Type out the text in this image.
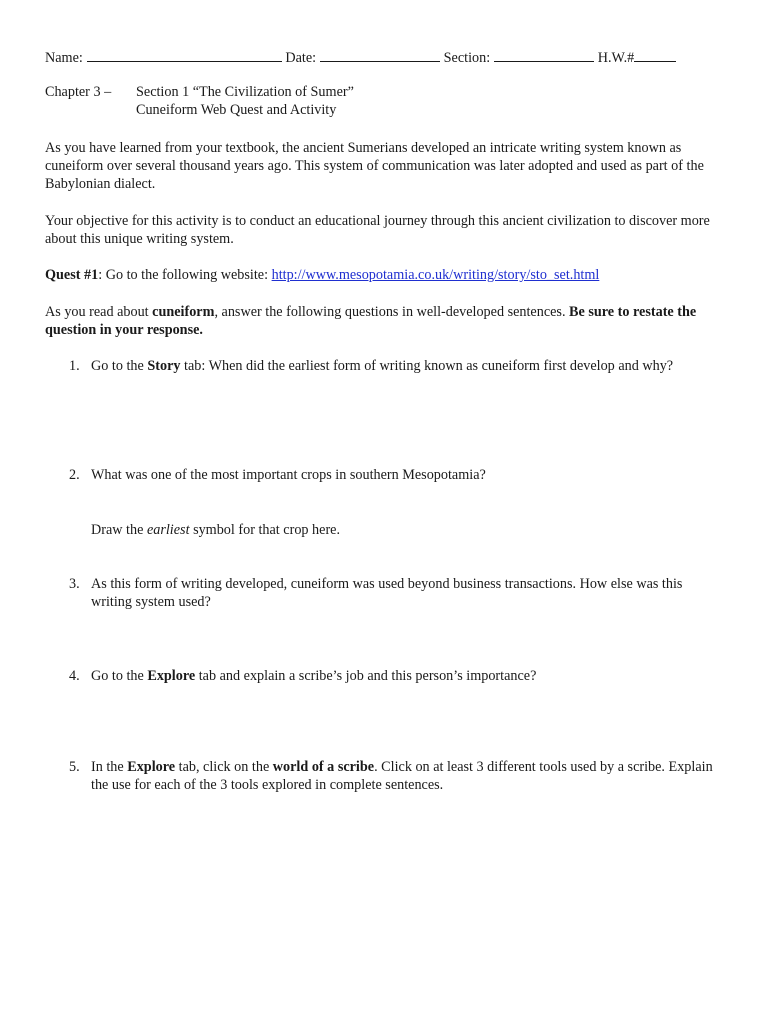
Name:	Date:	Section:	H.W.#
Chapter 3 – Section 1 “The Civilization of Sumer”
Cuneiform Web Quest and Activity
As you have learned from your textbook, the ancient Sumerians developed an intricate writing system known as cuneiform over several thousand years ago. This system of communication was later adopted and used as part of the Babylonian dialect.
Your objective for this activity is to conduct an educational journey through this ancient civilization to discover more about this unique writing system.
Quest #1: Go to the following website: http://www.mesopotamia.co.uk/writing/story/sto_set.html
As you read about cuneiform, answer the following questions in well-developed sentences. Be sure to restate the question in your response.
1. Go to the Story tab: When did the earliest form of writing known as cuneiform first develop and why?
2. What was one of the most important crops in southern Mesopotamia?
Draw the earliest symbol for that crop here.
3. As this form of writing developed, cuneiform was used beyond business transactions. How else was this writing system used?
4. Go to the Explore tab and explain a scribe’s job and this person’s importance?
5. In the Explore tab, click on the world of a scribe. Click on at least 3 different tools used by a scribe. Explain the use for each of the 3 tools explored in complete sentences.
